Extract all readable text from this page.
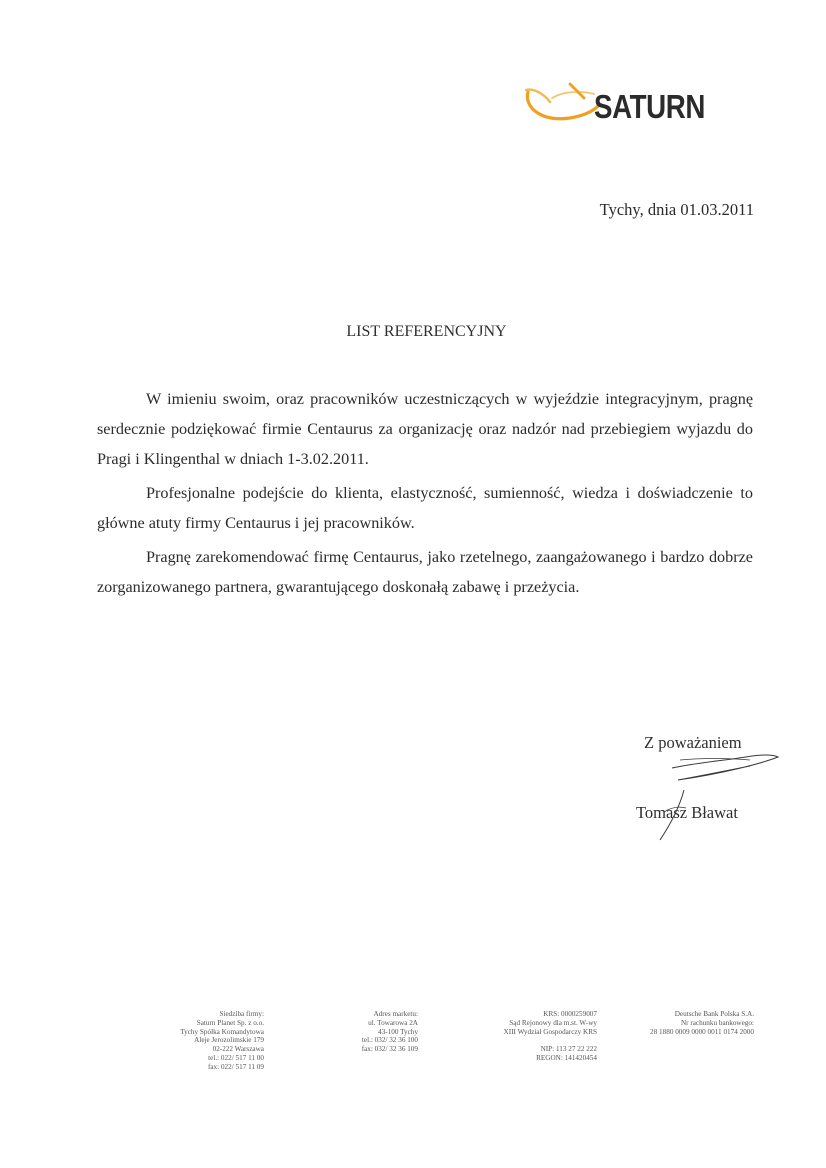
SATURN
Tychy, dnia 01.03.2011
LIST REFERENCYJNY

W imieniu swoim, oraz pracowników uczestniczących w wyjeździe integracyjnym, pragnę serdecznie podziękować firmie Centaurus za organizację oraz nadzór nad przebiegiem wyjazdu do Pragi i Klingenthal w dniach 1-3.02.2011.

Profesjonalne podejście do klienta, elastyczność, sumienność, wiedza i doświadczenie to główne atuty firmy Centaurus i jej pracowników.

Pragnę zarekomendować firmę Centaurus, jako rzetelnego, zaangażowanego i bardzo dobrze zorganizowanego partnera, gwarantującego doskonałą zabawę i przeżycia.

Z poważaniem
Tomasz Bławat
Siedziba firmy:
Saturn Planet Sp. z o.o.
Tychy Spółka Komandytowa
Aleje Jerozolimskie 179
02-222 Warszawa
tel.: 022/ 517 11 00
fax: 022/ 517 11 09
Adres marketu:
ul. Towarowa 2A
43-100 Tychy
tel.: 032/ 32 36 100
fax: 032/ 32 36 109
KRS: 0000259007
Sąd Rejonowy dla m.st. W-wy
XIII Wydział Gospodarczy KRS
NIP: 113 27 22 222
REGON: 141420454
Deutsche Bank Polska S.A.
Nr rachunku bankowego:
28 1880 0009 0000 0011 0174 2000
